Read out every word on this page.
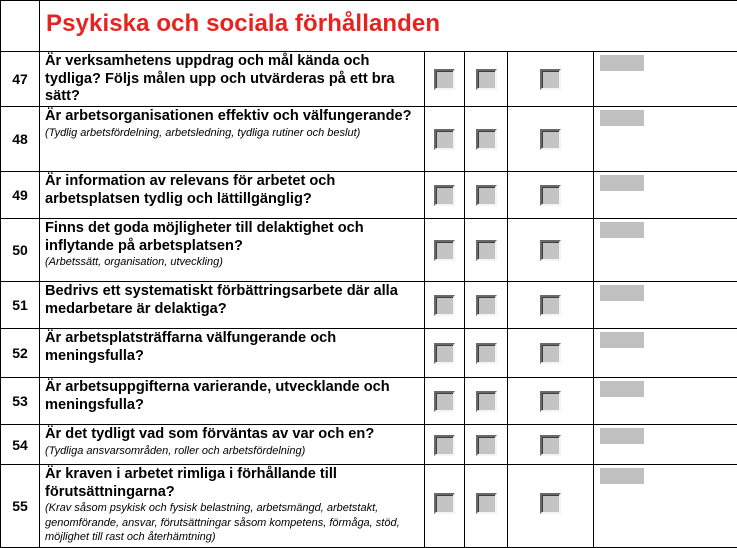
	Psykiska och sociala förhållanden				
47	Är verksamhetens uppdrag och mål kända och tydliga? Följs målen upp och utvärderas på ett bra sätt?				

48	Är arbetsorganisationen effektiv och välfungerande?
(Tydlig arbetsfördelning, arbetsledning, tydliga rutiner och beslut)				

49	Är information av relevans för arbetet och arbetsplatsen tydlig och lättillgänglig?				

50	Finns det goda möjligheter till delaktighet och inflytande på arbetsplatsen?
(Arbetssätt, organisation, utveckling)				

51	Bedrivs ett systematiskt förbättringsarbete där alla medarbetare är delaktiga?				

52	Är arbetsplatsträffarna välfungerande och meningsfulla?				

53	Är arbetsuppgifterna varierande, utvecklande och meningsfulla?				

54	Är det tydligt vad som förväntas av var och en?
(Tydliga ansvarsområden, roller och arbetsfördelning)				

55	Är kraven i arbetet rimliga i förhållande till förutsättningarna?
(Krav såsom psykisk och fysisk belastning, arbetsmängd, arbetstakt, genomförande, ansvar, förutsättningar såsom kompetens, förmåga, stöd, möjlighet till rast och återhämtning)				
